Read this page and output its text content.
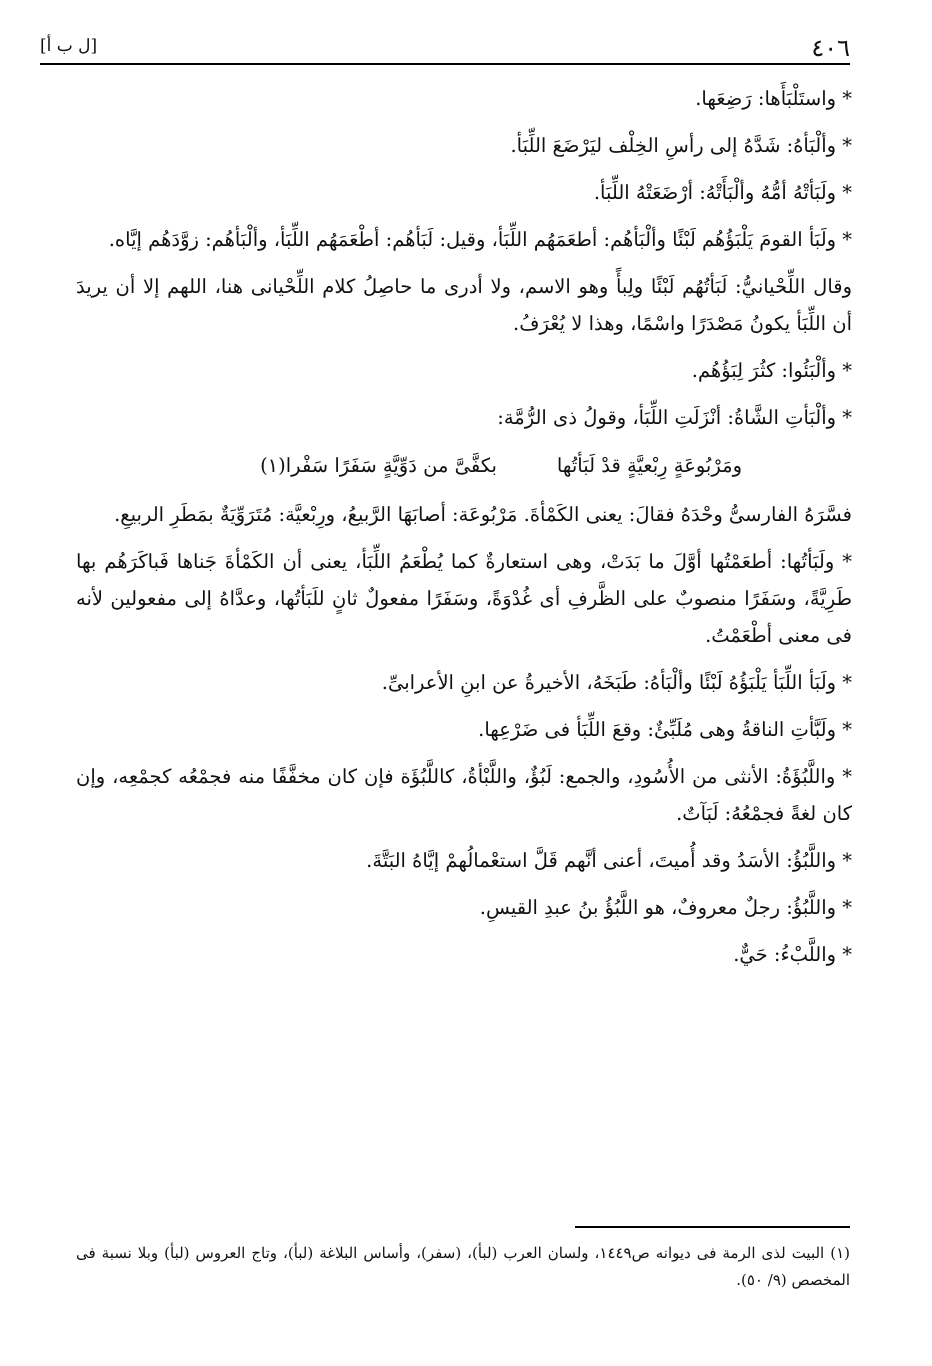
٤٠٦
[ل ب أ]

* واستَلْبَأَها: رَضِعَها.

* وألْبَأهُ: شَدَّهُ إلى رأسِ الخِلْف ليَرْضَعَ اللِّبَأ.

* ولَبَأتْهُ أمُّهُ وألْبَأَتْهُ: أرْضَعَتْهُ اللِّبَأ.

* ولَبَأ القومَ يَلْبَؤُهُم لَبْئًا وألْبَأهُم: أطعَمَهُم اللِّبَأ، وقيل: لَبَأهُم: أطْعَمَهُم اللِّبَأ، وألْبَأهُم: زوَّدَهُم إيَّاه.

وقال اللِّحْيانيُّ: لَبَأتُهُم لَبْئًا ولِبأً وهو الاسم، ولا أدرى ما حاصِلُ كلام اللِّحْيانى هنا، اللهم إلا أن يريدَ أن اللِّبَأ يكونُ مَصْدَرًا واسْمًا، وهذا لا يُعْرَفُ.

* وألْبَئُوا: كثُرَ لِبَؤُهُم.

* وألْبَأتِ الشَّاةُ: أنْزَلَتِ اللِّبَأ، وقولُ ذى الرُّمَّة:

ومَرْبُوعَةٍ رِبْعيَّةٍ قدْ لَبَأتُها
بكفَّىَّ من دَوِّيَّةٍ سَفَرًا سَفْرا(١)

فسَّرَهُ الفارسىُّ وحْدَهُ فقالَ: يعنى الكَمْأةَ. مَرْبُوعَة: أصابَهَا الرَّبيعُ، ورِبْعيَّة: مُتَرَوِّيَةٌ بمَطَرِ الربيعِ.

* ولَبَأتُها: أطعَمْتُها أوَّلَ ما بَدَتْ، وهى استعارةٌ كما يُطْعَمُ اللِّبَأ، يعنى أن الكَمْأةَ جَناها فَباكَرَهُم بها طَرِيَّةً، وسَفَرًا منصوبٌ على الظَّرفِ أى غُدْوَةً، وسَفَرًا مفعولٌ ثانٍ للَبَأتُها، وعدَّاهُ إلى مفعولين لأنه فى معنى أطْعَمْتُ.

* ولَبَأ اللِّبَأ يَلْبَؤُهُ لَبْئًا وألْبَأهُ: طَبَخَهُ، الأخيرةُ عن ابنِ الأعرابىِّ.

* ولَبَّأتِ الناقةُ وهى مُلَبِّئٌ: وقعَ اللِّبَأ فى ضَرْعِها.

* واللَّبُؤَةُ: الأنثى من الأُسُودِ، والجمع: لَبُؤٌ، واللَّبْأةُ، كاللَّبُؤَة فإن كان مخفَّفًا منه فجمْعُه كجمْعِه، وإن كان لغةً فجمْعُهُ: لَبَآتٌ.

* واللَّبُؤُ: الأسَدُ وقد أُميتَ، أعنى أنَّهم قَلَّ استعْمالُهمْ إيَّاهُ البَتَّةَ.

* واللَّبُؤُ: رجلٌ معروفٌ، هو اللَّبُؤُ بنُ عبدِ القيسِ.

* واللَّبْءُ: حَيٌّ.

(١) البيت لذى الرمة فى ديوانه ص١٤٤٩، ولسان العرب (لبأ)، (سفر)، وأساس البلاغة (لبأ)، وتاج العروس (لبأ) وبلا نسبة فى المخصص (٩/ ٥٠).
